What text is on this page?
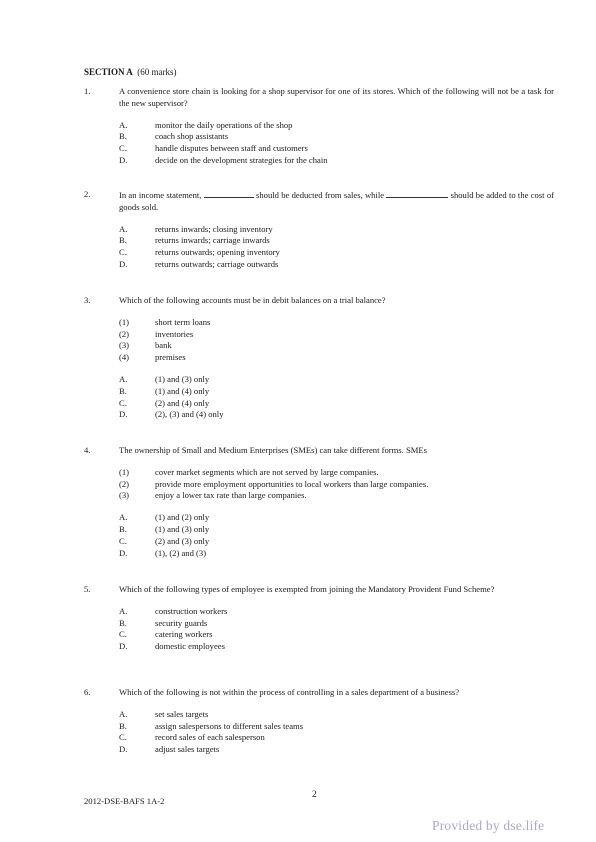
SECTION A (60 marks)
1.	A convenience store chain is looking for a shop supervisor for one of its stores. Which of the following will not be a task for the new supervisor?
A.	monitor the daily operations of the shop
B.	coach shop assistants
C.	handle disputes between staff and customers
D.	decide on the development strategies for the chain
2.	In an income statement,	should be deducted from sales, while	should be added to the cost of goods sold.
A.	returns inwards; closing inventory
B.	returns inwards; carriage inwards
C.	returns outwards; opening inventory
D.	returns outwards; carriage outwards
3.	Which of the following accounts must be in debit balances on a trial balance?
(1)	short term loans
(2)	inventories
(3)	bank
(4)	premises
A.	(1) and (3) only
B.	(1) and (4) only
C.	(2) and (4) only
D.	(2), (3) and (4) only
4.	The ownership of Small and Medium Enterprises (SMEs) can take different forms. SMEs
(1)	cover market segments which are not served by large companies.
(2)	provide more employment opportunities to local workers than large companies.
(3)	enjoy a lower tax rate than large companies.
A.	(1) and (2) only
B.	(1) and (3) only
C.	(2) and (3) only
D.	(1), (2) and (3)
5.	Which of the following types of employee is exempted from joining the Mandatory Provident Fund Scheme?
A.	construction workers
B.	security guards
C.	catering workers
D.	domestic employees
6.	Which of the following is not within the process of controlling in a sales department of a business?
A.	set sales targets
B.	assign salespersons to different sales teams
C.	record sales of each salesperson
D.	adjust sales targets
2012-DSE-BAFS 1A-2
2
Provided by dse.life
